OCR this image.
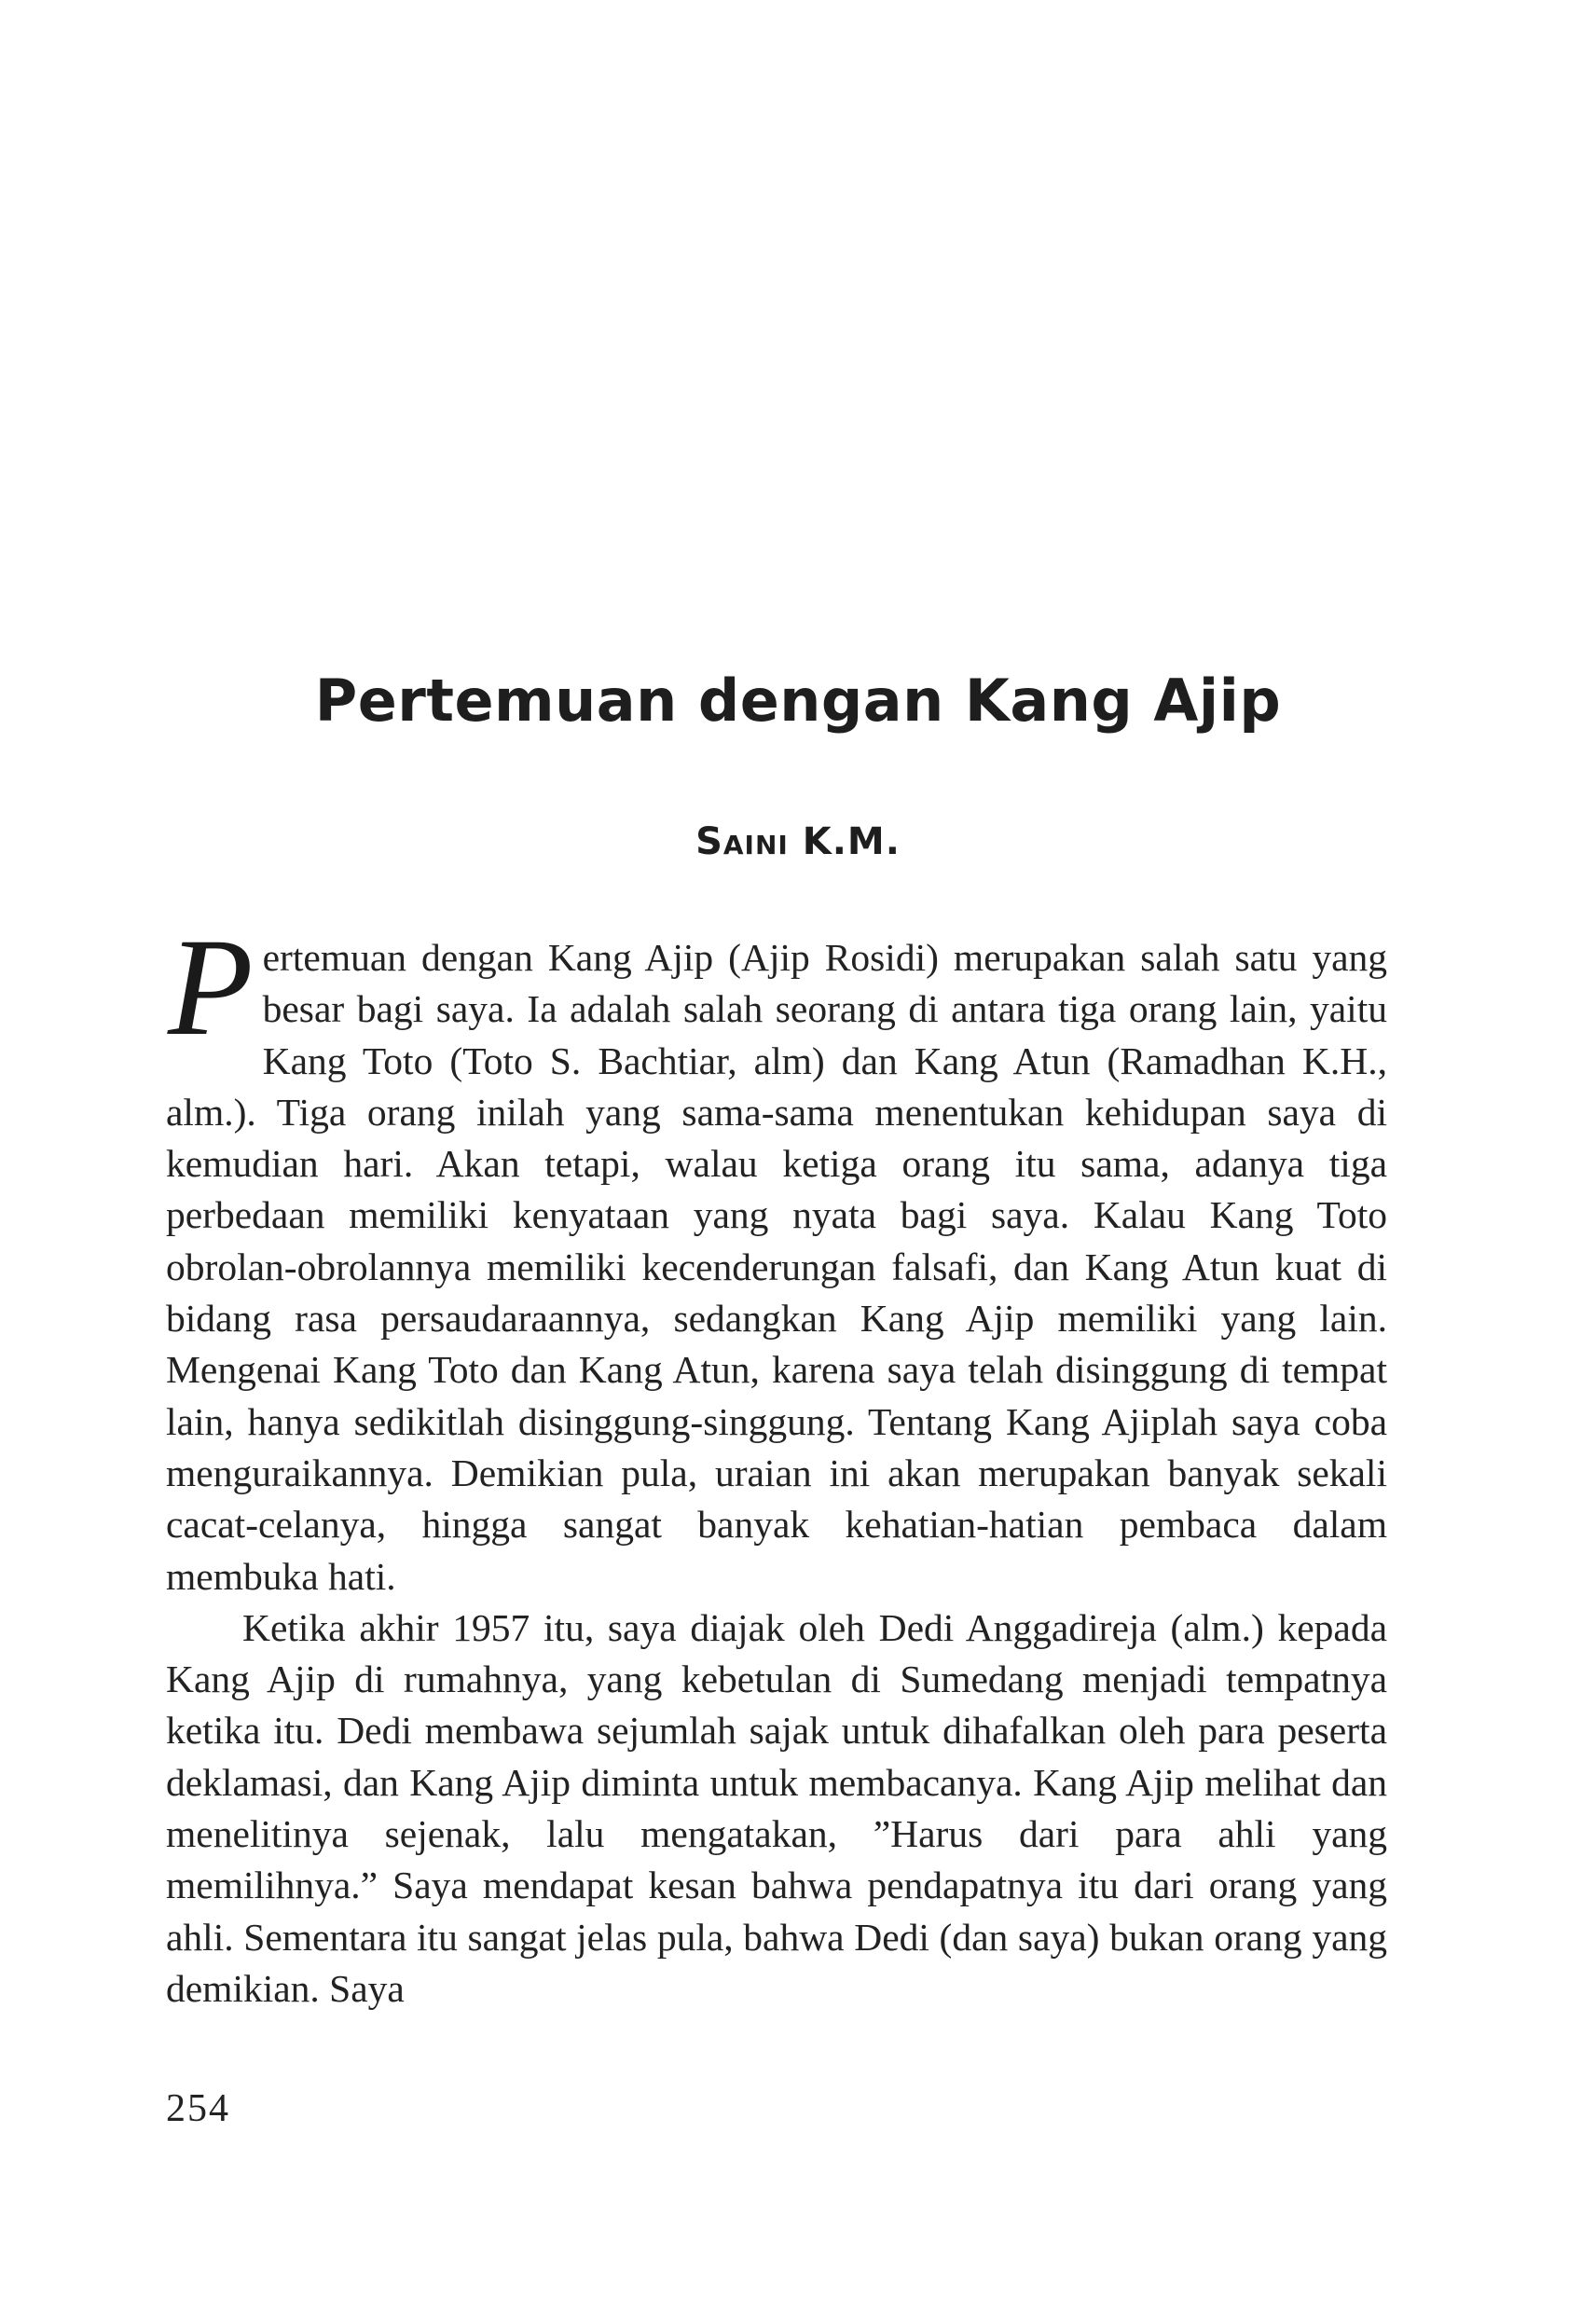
Pertemuan dengan Kang Ajip
Saini K.M.

Pertemuan dengan Kang Ajip (Ajip Rosidi) merupakan salah satu yang besar bagi saya. Ia adalah salah seorang di antara tiga orang lain, yaitu Kang Toto (Toto S. Bachtiar, alm) dan Kang Atun (Ramadhan K.H., alm.). Tiga orang inilah yang sama-sama menentukan kehidupan saya di kemudian hari. Akan tetapi, walau ketiga orang itu sama, adanya tiga perbedaan memiliki kenyataan yang nyata bagi saya. Kalau Kang Toto obrolan-obrolannya memiliki kecenderungan falsafi, dan Kang Atun kuat di bidang rasa persaudaraannya, sedangkan Kang Ajip memiliki yang lain. Mengenai Kang Toto dan Kang Atun, karena saya telah disinggung di tempat lain, hanya sedikitlah disinggung-singgung. Tentang Kang Ajiplah saya coba menguraikannya. Demikian pula, uraian ini akan merupakan banyak sekali cacat-celanya, hingga sangat banyak kehatian-hatian pembaca dalam membuka hati.

Ketika akhir 1957 itu, saya diajak oleh Dedi Anggadireja (alm.) kepada Kang Ajip di rumahnya, yang kebetulan di Sumedang menjadi tempatnya ketika itu. Dedi membawa sejumlah sajak untuk dihafalkan oleh para peserta deklamasi, dan Kang Ajip diminta untuk membacanya. Kang Ajip melihat dan menelitinya sejenak, lalu mengatakan, ”Harus dari para ahli yang memilihnya.” Saya mendapat kesan bahwa pendapatnya itu dari orang yang ahli. Sementara itu sangat jelas pula, bahwa Dedi (dan saya) bukan orang yang demikian. Saya

254
